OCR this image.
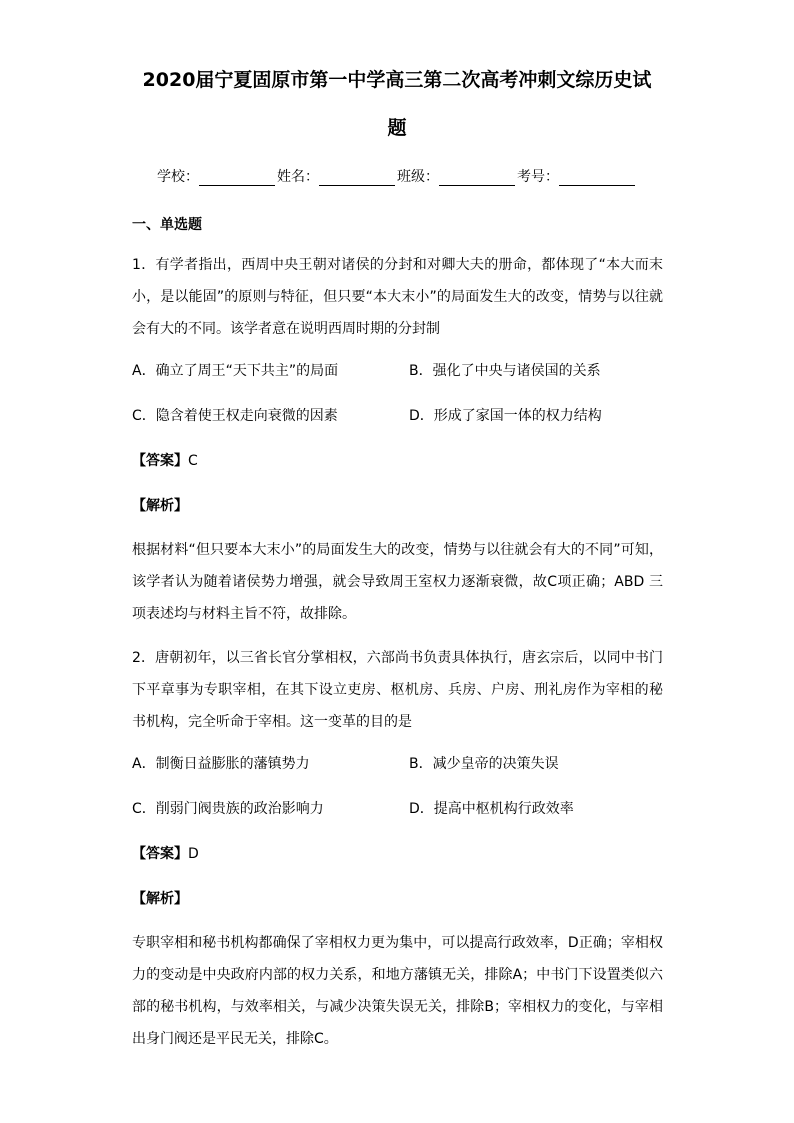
2020届宁夏固原市第一中学高三第二次高考冲刺文综历史试
题
学校：	姓名：	班级：	考号：
一、单选题
1．有学者指出，西周中央王朝对诸侯的分封和对卿大夫的册命，都体现了“本大而末小，是以能固”的原则与特征，但只要“本大末小”的局面发生大的改变，情势与以往就会有大的不同。该学者意在说明西周时期的分封制
A．确立了周王“天下共主”的局面	B．强化了中央与诸侯国的关系
C．隐含着使王权走向衰微的因素	D．形成了家国一体的权力结构
【答案】C
【解析】
根据材料“但只要本大末小”的局面发生大的改变，情势与以往就会有大的不同”可知，该学者认为随着诸侯势力增强，就会导致周王室权力逐渐衰微，故C项正确；ABD 三项表述均与材料主旨不符，故排除。
2．唐朝初年，以三省长官分掌相权，六部尚书负责具体执行，唐玄宗后，以同中书门下平章事为专职宰相，在其下设立吏房、枢机房、兵房、户房、刑礼房作为宰相的秘书机构，完全听命于宰相。这一变革的目的是
A．制衡日益膨胀的藩镇势力	B．减少皇帝的决策失误
C．削弱门阀贵族的政治影响力	D．提高中枢机构行政效率
【答案】D
【解析】
专职宰相和秘书机构都确保了宰相权力更为集中，可以提高行政效率，D正确；宰相权力的变动是中央政府内部的权力关系，和地方藩镇无关，排除A；中书门下设置类似六部的秘书机构，与效率相关，与减少决策失误无关，排除B；宰相权力的变化，与宰相出身门阀还是平民无关，排除C。
